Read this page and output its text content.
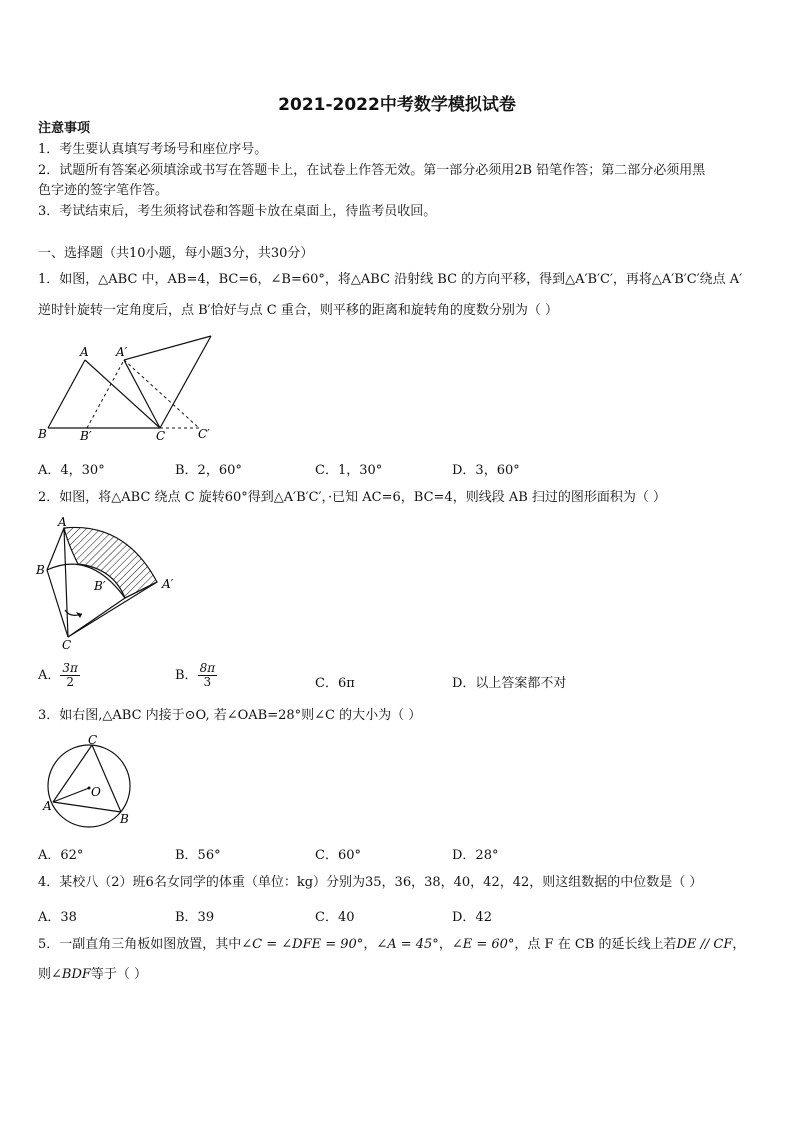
2021-2022中考数学模拟试卷
注意事项
1．考生要认真填写考场号和座位序号。
2．试题所有答案必须填涂或书写在答题卡上，在试卷上作答无效。第一部分必须用2B 铅笔作答；第二部分必须用黑
色字迹的签字笔作答。
3．考试结束后，考生须将试卷和答题卡放在桌面上，待监考员收回。
一、选择题（共10小题，每小题3分，共30分）
1．如图，△ABC 中，AB=4，BC=6，∠B=60°，将△ABC 沿射线 BC 的方向平移，得到△A′B′C′，再将△A′B′C′绕点 A′
逆时针旋转一定角度后，点 B′恰好与点 C 重合，则平移的距离和旋转角的度数分别为（ ）
B	B′	C	C′
A A′
A．4，30°	B．2，60°	C．1，30°	D．3，60°
2．如图，将△ABC 绕点 C 旋转60°得到△A′B′C′，·已知 AC=6，BC=4，则线段 AB 扫过的图形面积为（ ）
A
B
B′	A′
C
A． $\frac{3\pi}{2}$	B． $\frac{8\pi}{3}$	C．6π	D．以上答案都不对
3．如右图,△ABC 内接于⊙O, 若∠OAB=28°则∠C 的大小为（ ）
C
O
A
B
A．62°	B．56°	C．60°	D．28°
4．某校八（2）班6名女同学的体重（单位：kg）分别为35，36，38，40，42，42，则这组数据的中位数是（ ）
A．38	B．39	C．40	D．42
5．一副直角三角板如图放置，其中∠C = ∠DFE = 90°，∠A = 45°，∠E = 60°，点 F 在 CB 的延长线上若DE // CF，
则∠BDF等于（ ）
